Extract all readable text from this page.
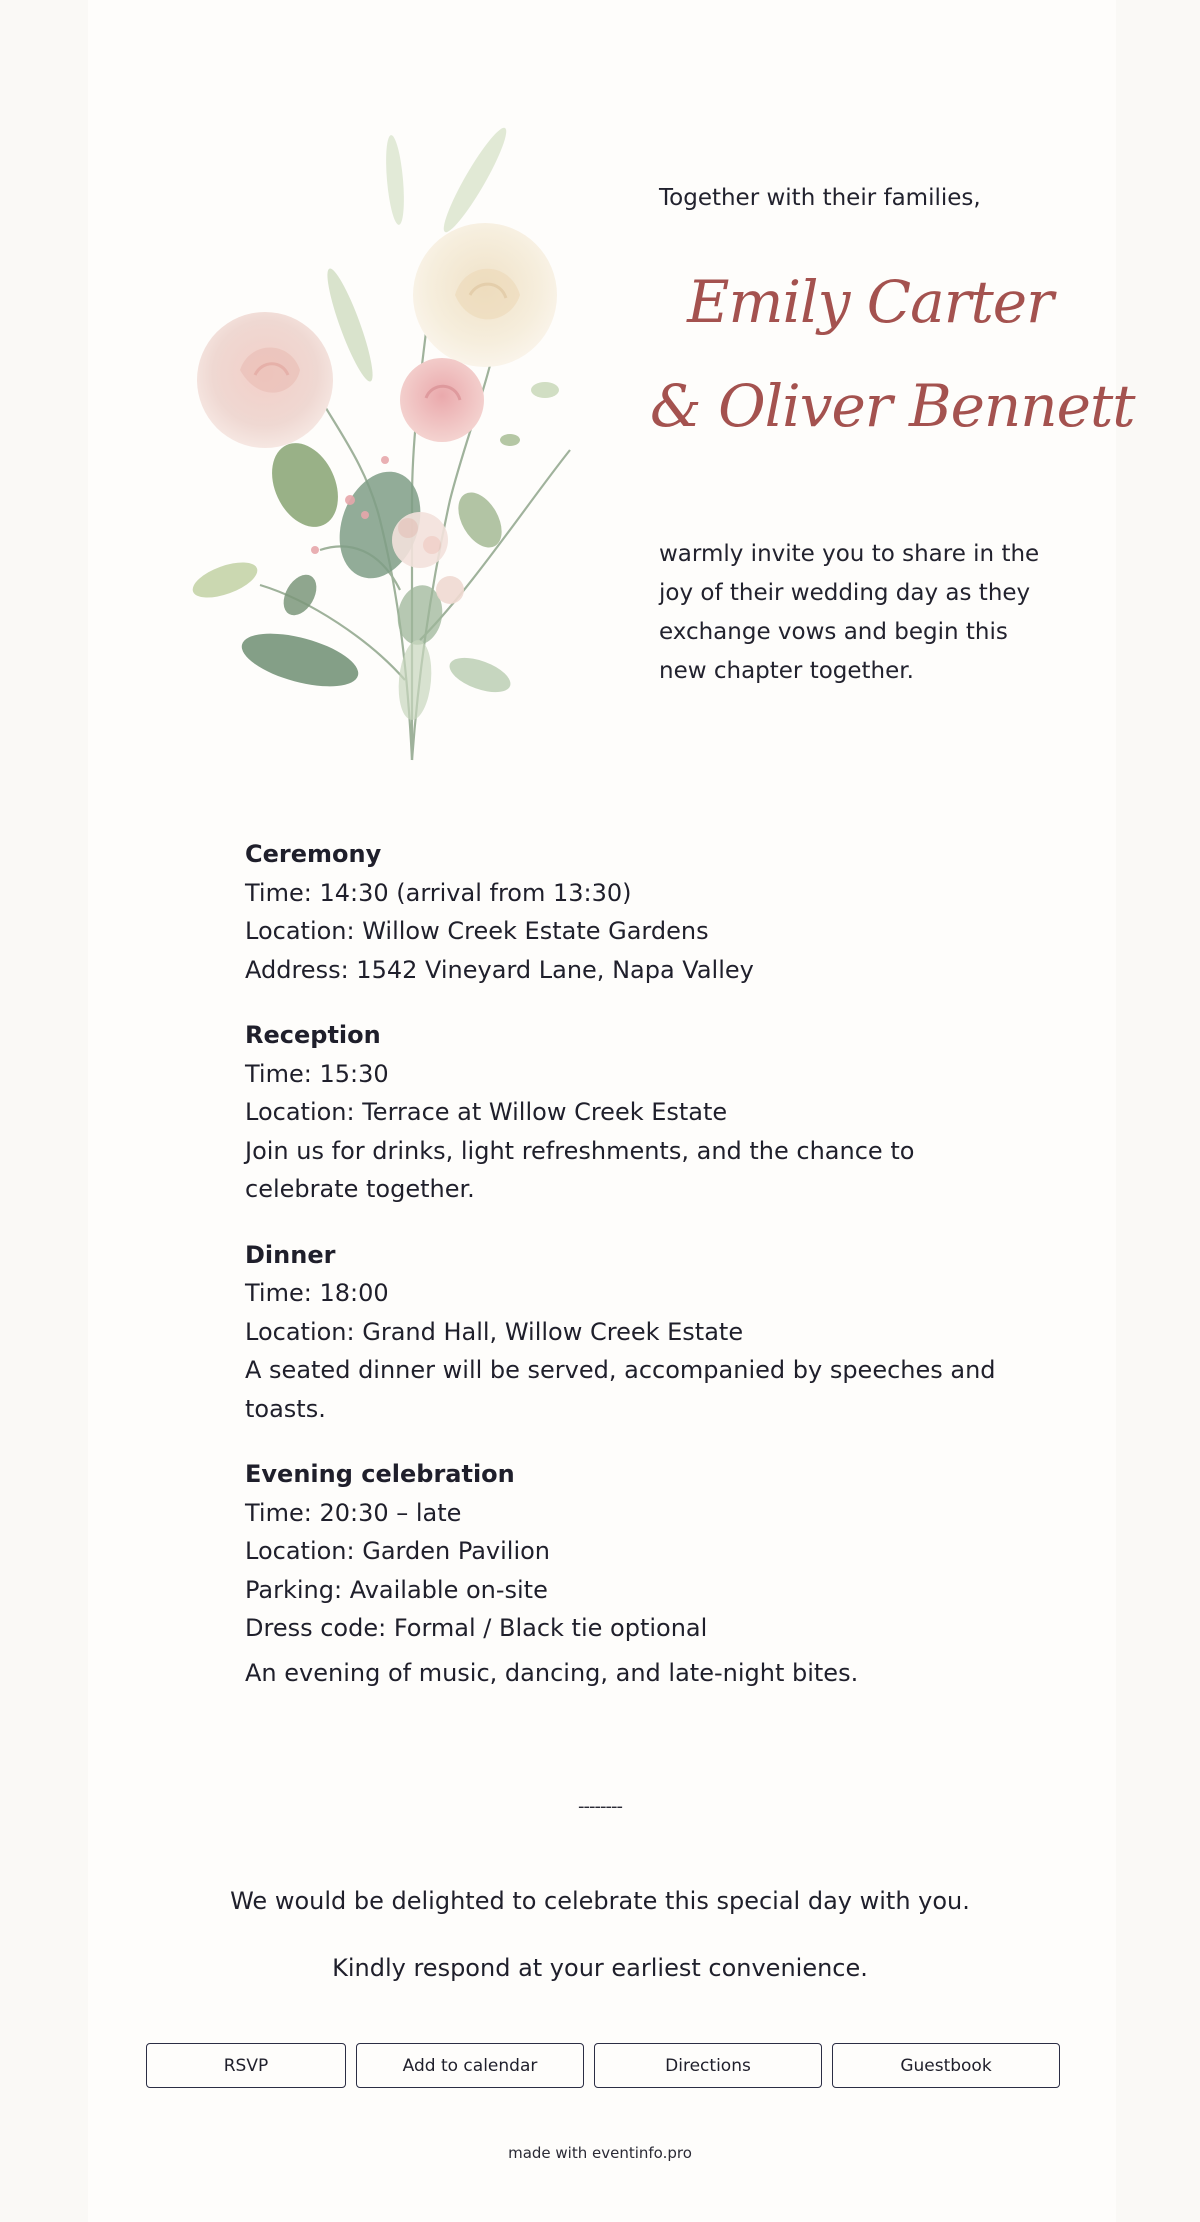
Together with their families,
Emily Carter
& Oliver Bennett
warmly invite you to share in the joy of their wedding day as they exchange vows and begin this new chapter together.
Ceremony
Time: 14:30 (arrival from 13:30)
Location: Willow Creek Estate Gardens
Address: 1542 Vineyard Lane, Napa Valley
Reception
Time: 15:30
Location: Terrace at Willow Creek Estate
Join us for drinks, light refreshments, and the chance to celebrate together.
Dinner
Time: 18:00
Location: Grand Hall, Willow Creek Estate
A seated dinner will be served, accompanied by speeches and toasts.
Evening celebration
Time: 20:30 – late
Location: Garden Pavilion
Parking: Available on-site
Dress code: Formal / Black tie optional
An evening of music, dancing, and late-night bites.
--------
We would be delighted to celebrate this special day with you.
Kindly respond at your earliest convenience.
RSVP	Add to calendar	Directions	Guestbook
made with eventinfo.pro
